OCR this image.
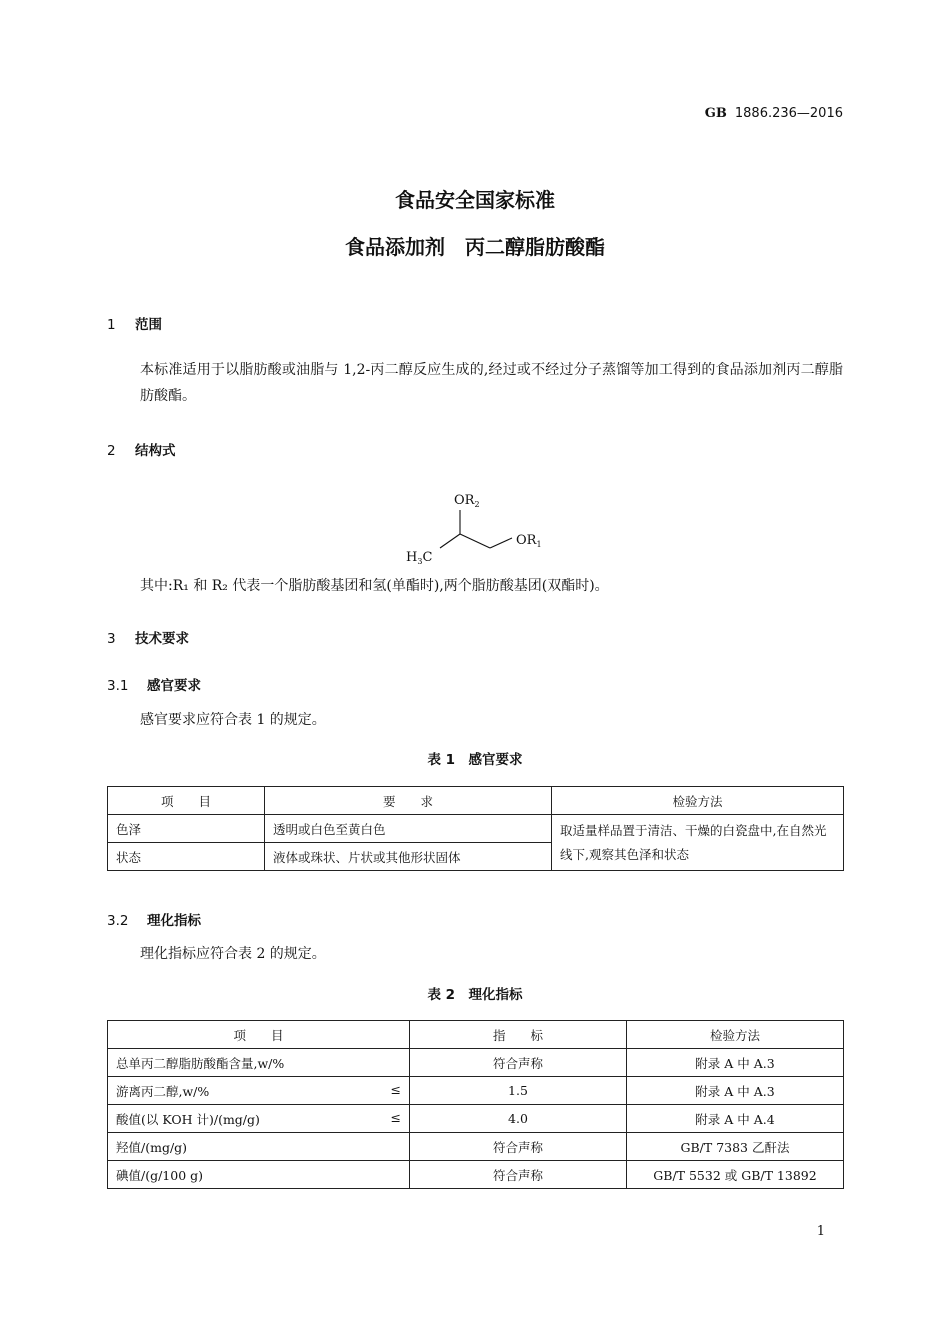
GB 1886.236—2016
食品安全国家标准
食品添加剂　丙二醇脂肪酸酯
1 范围
本标准适用于以脂肪酸或油脂与 1,2-丙二醇反应生成的,经过或不经过分子蒸馏等加工得到的食品添加剂丙二醇脂肪酸酯。
2 结构式
$OR_2$
$OR_1$
$H_3C$
其中:R₁ 和 R₂ 代表一个脂肪酸基团和氢(单酯时),两个脂肪酸基团(双酯时)。
3 技术要求
3.1 感官要求
感官要求应符合表 1 的规定。
表 1　感官要求
项　　目	要　　求	检验方法
色泽	透明或白色至黄白色	取适量样品置于清洁、干燥的白瓷盘中,在自然光线下,观察其色泽和状态
状态	液体或珠状、片状或其他形状固体	
3.2 理化指标
理化指标应符合表 2 的规定。
表 2　理化指标
项　　目	指　　标	检验方法
总单丙二醇脂肪酸酯含量,w/%	符合声称	附录 A 中 A.3
游离丙二醇,w/% ≤	1.5	附录 A 中 A.3
酸值(以 KOH 计)/(mg/g) ≤	4.0	附录 A 中 A.4
羟值/(mg/g)	符合声称	GB/T 7383 乙酐法
碘值/(g/100 g)	符合声称	GB/T 5532 或 GB/T 13892
1
